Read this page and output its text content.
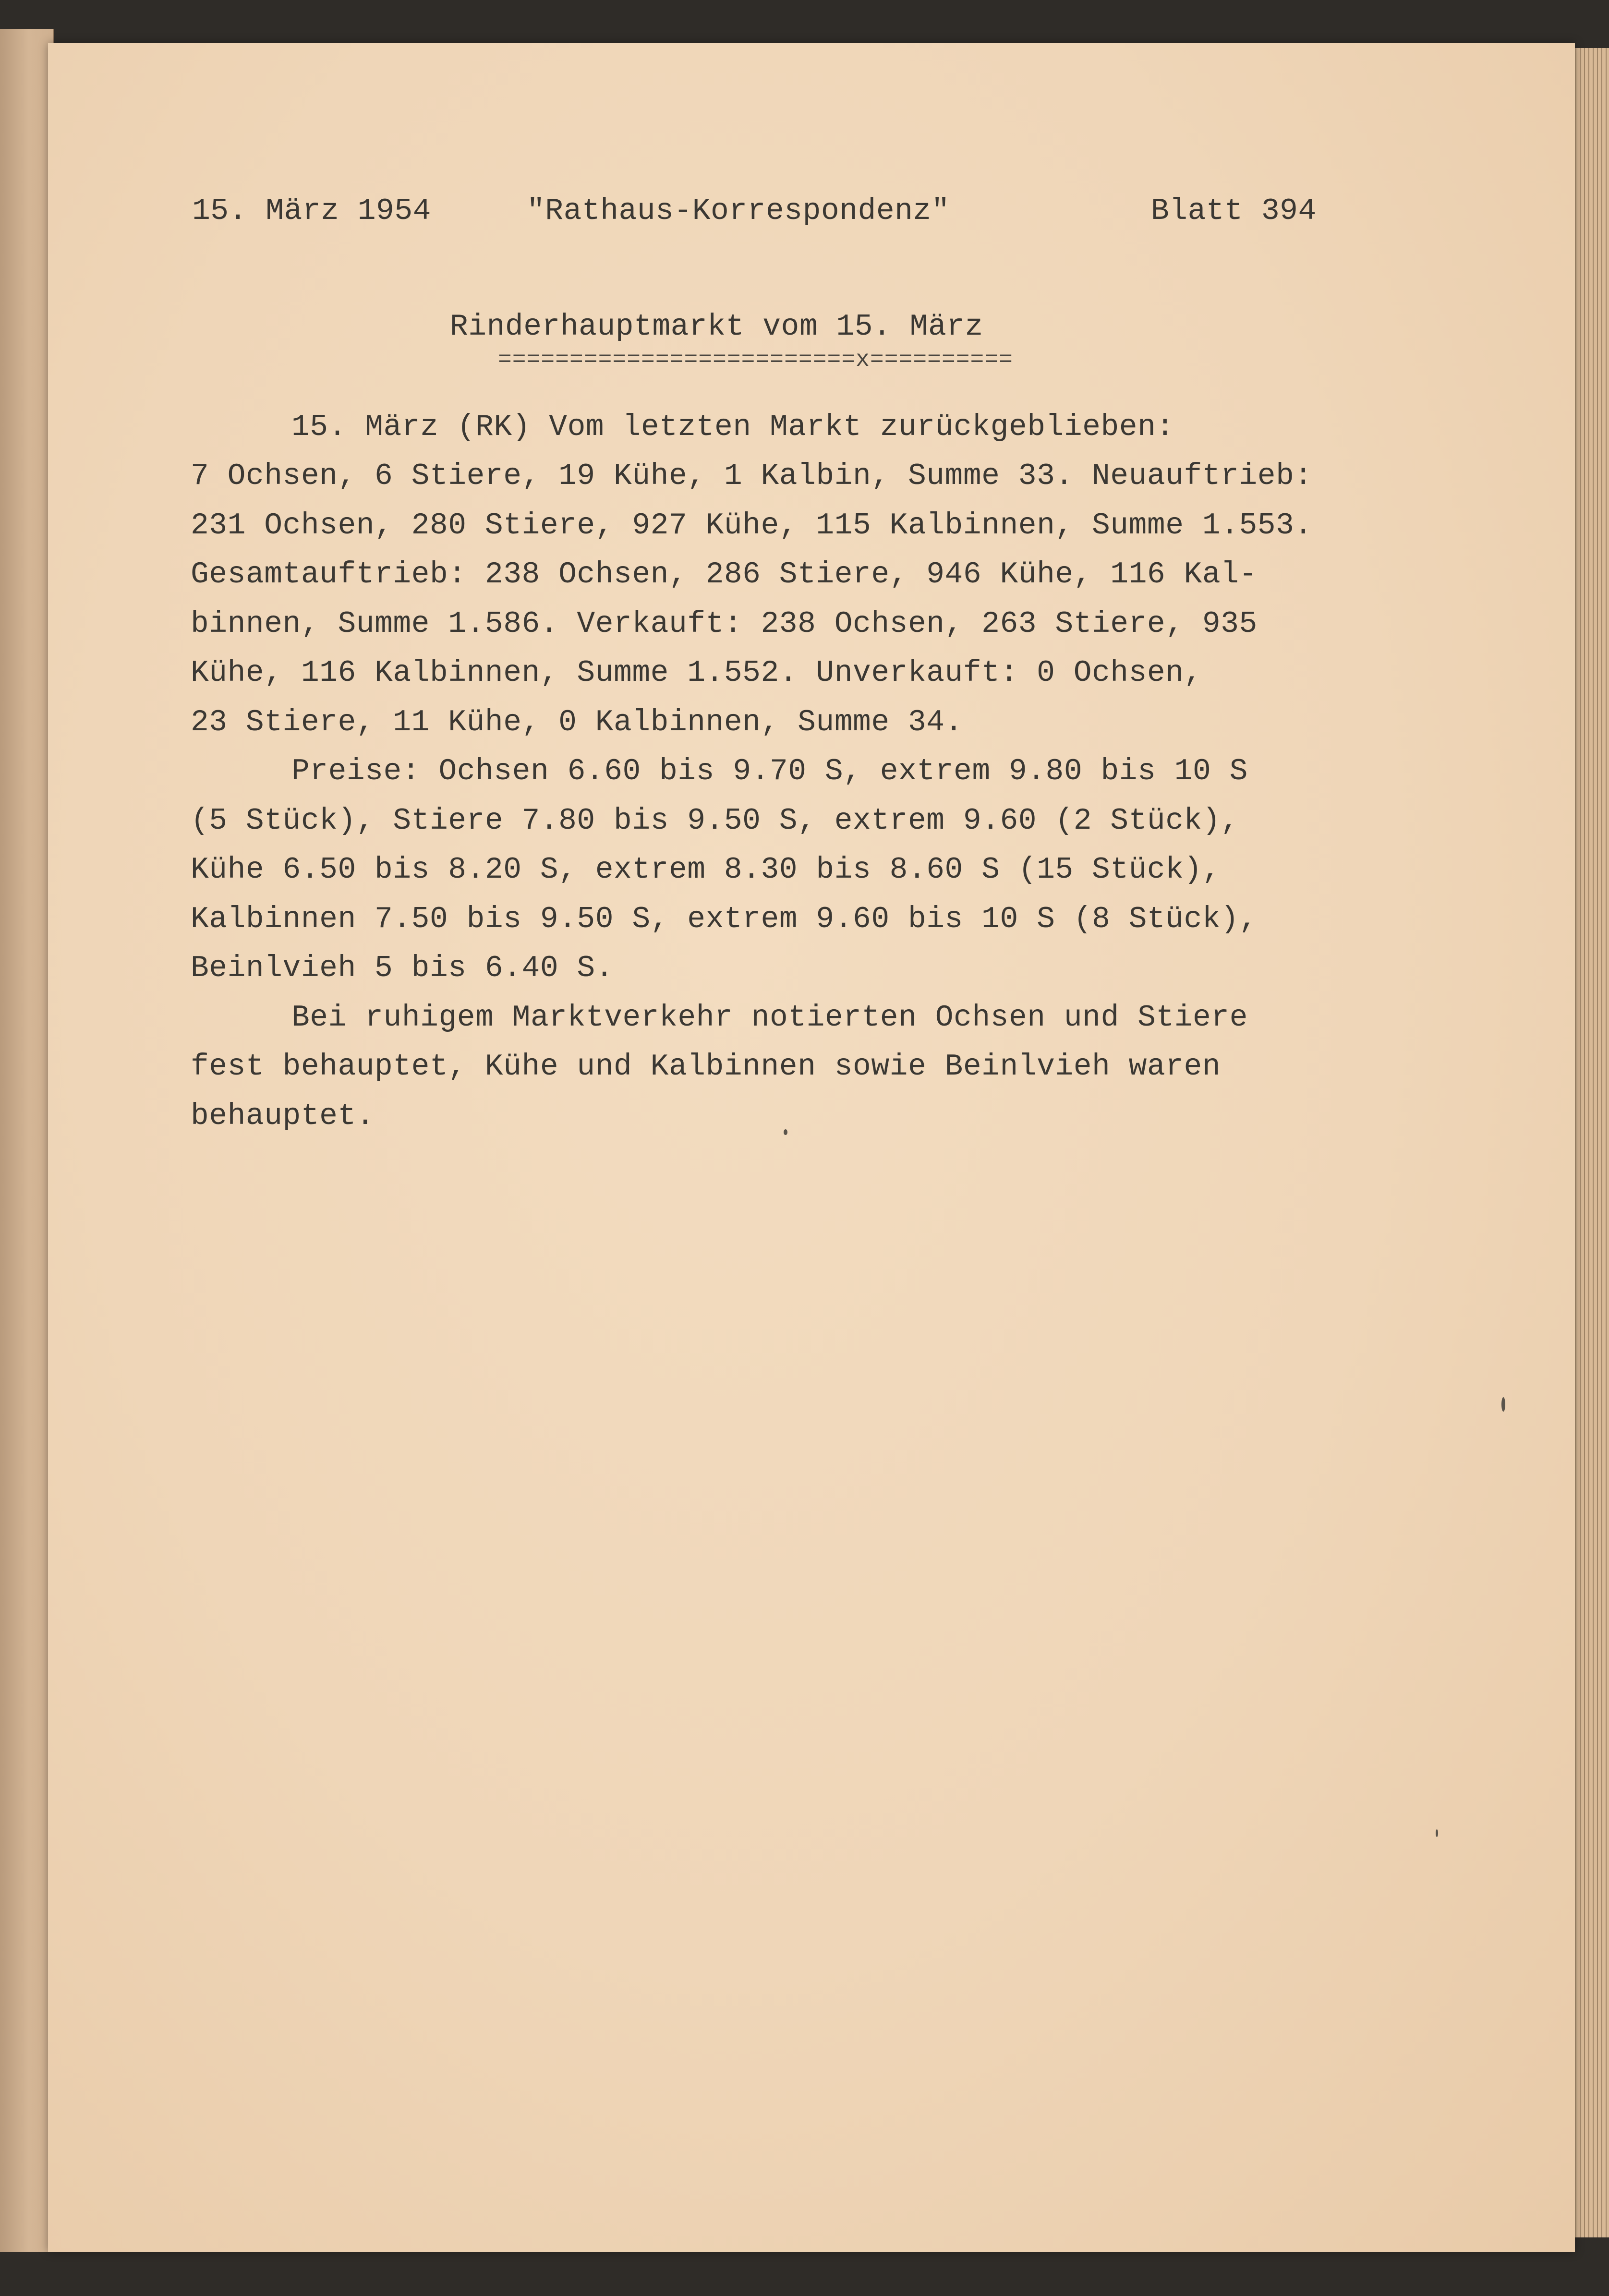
15. März 1954	"Rathaus-Korrespondenz"	Blatt 394

Rinderhauptmarkt vom 15. März

=========================x==========

15. März (RK) Vom letzten Markt zurückgeblieben:

7 Ochsen, 6 Stiere, 19 Kühe, 1 Kalbin, Summe 33. Neuauftrieb:

231 Ochsen, 280 Stiere, 927 Kühe, 115 Kalbinnen, Summe 1.553.

Gesamtauftrieb: 238 Ochsen, 286 Stiere, 946 Kühe, 116 Kal-

binnen, Summe 1.586. Verkauft: 238 Ochsen, 263 Stiere, 935

Kühe, 116 Kalbinnen, Summe 1.552. Unverkauft: 0 Ochsen,

23 Stiere, 11 Kühe, 0 Kalbinnen, Summe 34.

Preise: Ochsen 6.60 bis 9.70 S, extrem 9.80 bis 10 S

(5 Stück), Stiere 7.80 bis 9.50 S, extrem 9.60 (2 Stück),

Kühe 6.50 bis 8.20 S, extrem 8.30 bis 8.60 S (15 Stück),

Kalbinnen 7.50 bis 9.50 S, extrem 9.60 bis 10 S (8 Stück),

Beinlvieh 5 bis 6.40 S.

Bei ruhigem Marktverkehr notierten Ochsen und Stiere

fest behauptet, Kühe und Kalbinnen sowie Beinlvieh waren

behauptet.
